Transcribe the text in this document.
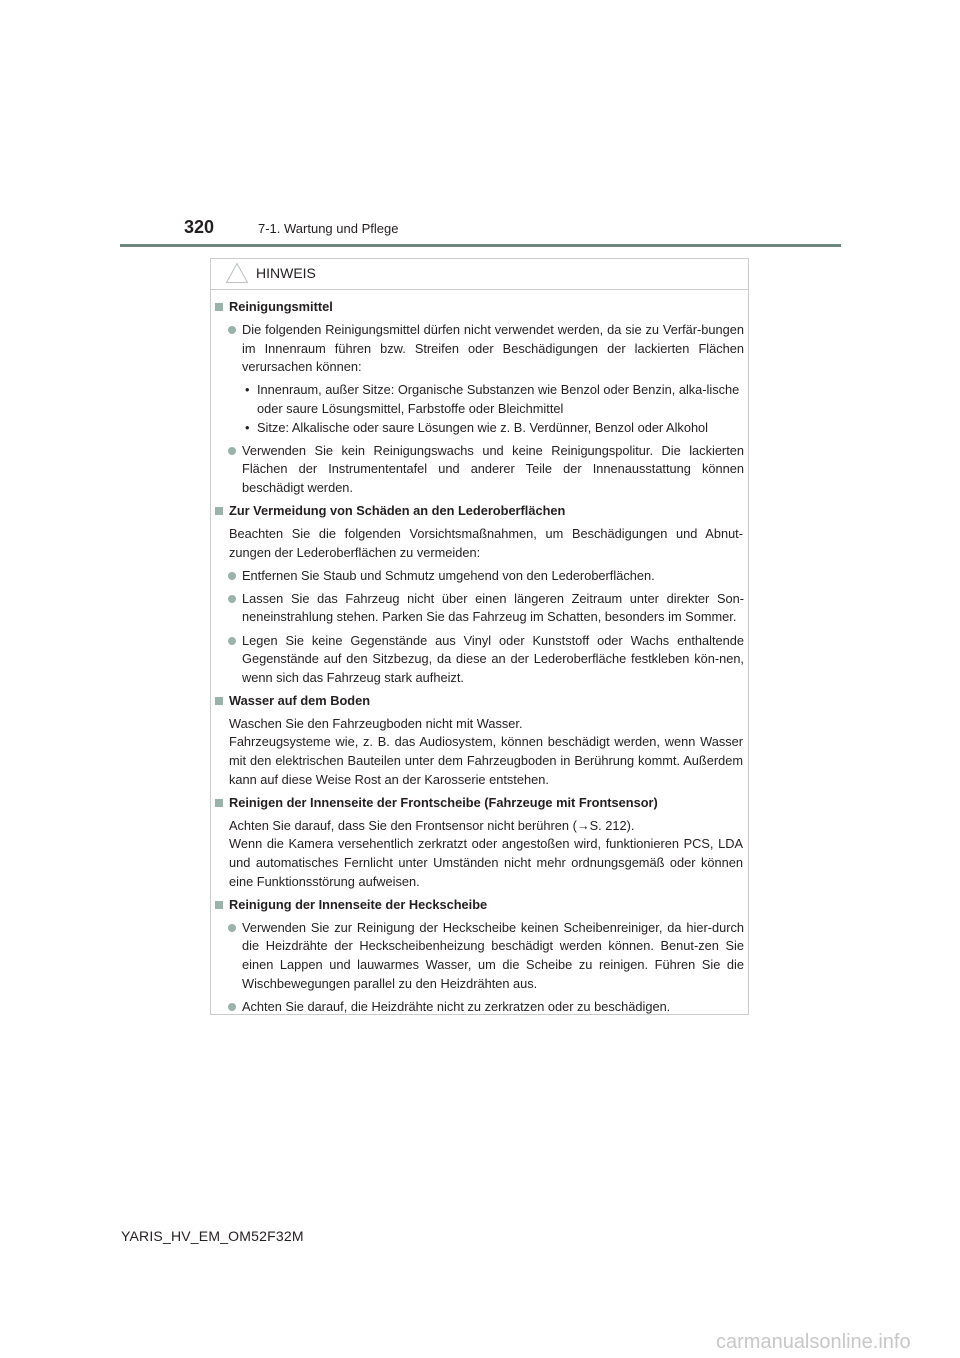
320	7-1. Wartung und Pflege
HINWEIS
Reinigungsmittel
Die folgenden Reinigungsmittel dürfen nicht verwendet werden, da sie zu Verfär-bungen im Innenraum führen bzw. Streifen oder Beschädigungen der lackierten Flächen verursachen können:
• Innenraum, außer Sitze: Organische Substanzen wie Benzol oder Benzin, alka-lische oder saure Lösungsmittel, Farbstoffe oder Bleichmittel
• Sitze: Alkalische oder saure Lösungen wie z. B. Verdünner, Benzol oder Alkohol
Verwenden Sie kein Reinigungswachs und keine Reinigungspolitur. Die lackierten Flächen der Instrumententafel und anderer Teile der Innenausstattung können beschädigt werden.
Zur Vermeidung von Schäden an den Lederoberflächen
Beachten Sie die folgenden Vorsichtsmaßnahmen, um Beschädigungen und Abnut-zungen der Lederoberflächen zu vermeiden:
Entfernen Sie Staub und Schmutz umgehend von den Lederoberflächen.
Lassen Sie das Fahrzeug nicht über einen längeren Zeitraum unter direkter Son-neneinstrahlung stehen. Parken Sie das Fahrzeug im Schatten, besonders im Sommer.
Legen Sie keine Gegenstände aus Vinyl oder Kunststoff oder Wachs enthaltende Gegenstände auf den Sitzbezug, da diese an der Lederoberfläche festkleben kön-nen, wenn sich das Fahrzeug stark aufheizt.
Wasser auf dem Boden
Waschen Sie den Fahrzeugboden nicht mit Wasser.
Fahrzeugsysteme wie, z. B. das Audiosystem, können beschädigt werden, wenn Wasser mit den elektrischen Bauteilen unter dem Fahrzeugboden in Berührung kommt. Außerdem kann auf diese Weise Rost an der Karosserie entstehen.
Reinigen der Innenseite der Frontscheibe (Fahrzeuge mit Frontsensor)
Achten Sie darauf, dass Sie den Frontsensor nicht berühren (→S. 212).
Wenn die Kamera versehentlich zerkratzt oder angestoßen wird, funktionieren PCS, LDA und automatisches Fernlicht unter Umständen nicht mehr ordnungsgemäß oder können eine Funktionsstörung aufweisen.
Reinigung der Innenseite der Heckscheibe
Verwenden Sie zur Reinigung der Heckscheibe keinen Scheibenreiniger, da hier-durch die Heizdrähte der Heckscheibenheizung beschädigt werden können. Benut-zen Sie einen Lappen und lauwarmes Wasser, um die Scheibe zu reinigen. Führen Sie die Wischbewegungen parallel zu den Heizdrähten aus.
Achten Sie darauf, die Heizdrähte nicht zu zerkratzen oder zu beschädigen.
YARIS_HV_EM_OM52F32M
carmanualsonline.info
